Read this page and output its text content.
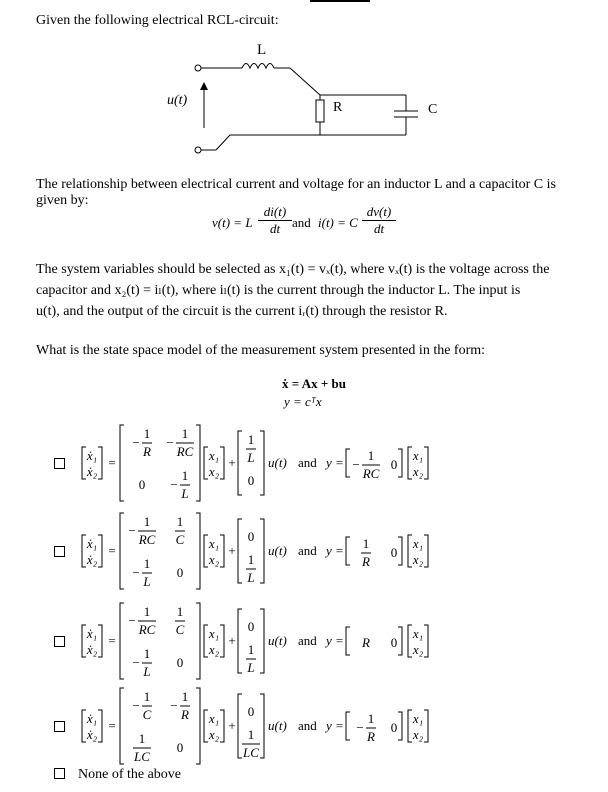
Given the following electrical RCL-circuit:
L
u(t)	R	C
The relationship between electrical current and voltage for an inductor L and a capacitor C is
given by:
v(t) = L $\frac{di(t)}{dt}$ and i(t) = C $\frac{dv(t)}{dt}$
The system variables should be selected as x₁(t) = vₓ(t), where vₓ(t) is the voltage across the
capacitor and x₂(t) = iₗ(t), where iₗ(t) is the current through the inductor L. The input is
u(t), and the output of the circuit is the current iᵣ(t) through the resistor R.
What is the state space model of the measurement system presented in the form:
ẋ = Ax + bu
y = cᵀx
ẋ₁
ẋ₂
=
−
1
R
−
1
RC
0 −
1
L
x₁
x₂
+
1
L
0
u(t) and y = −
1
RC
0
x₁
x₂
ẋ₁
ẋ₂
=
−
1
RC
1
C
−
1
L
0
x₁
x₂
+
0
1
L
u(t) and y = 1
R
0
x₁
x₂
ẋ₁
ẋ₂
=
−
1
RC
1
C
−
1
L
0
x₁
x₂
+
0
1
L
u(t) and y = R 0
x₁
x₂
ẋ₁
ẋ₂
=
−
1
C
−
1
R
1
LC
0
x₁
x₂
+
0
1
LC
u(t) and y = −
1
R
0
x₁
x₂
None of the above
